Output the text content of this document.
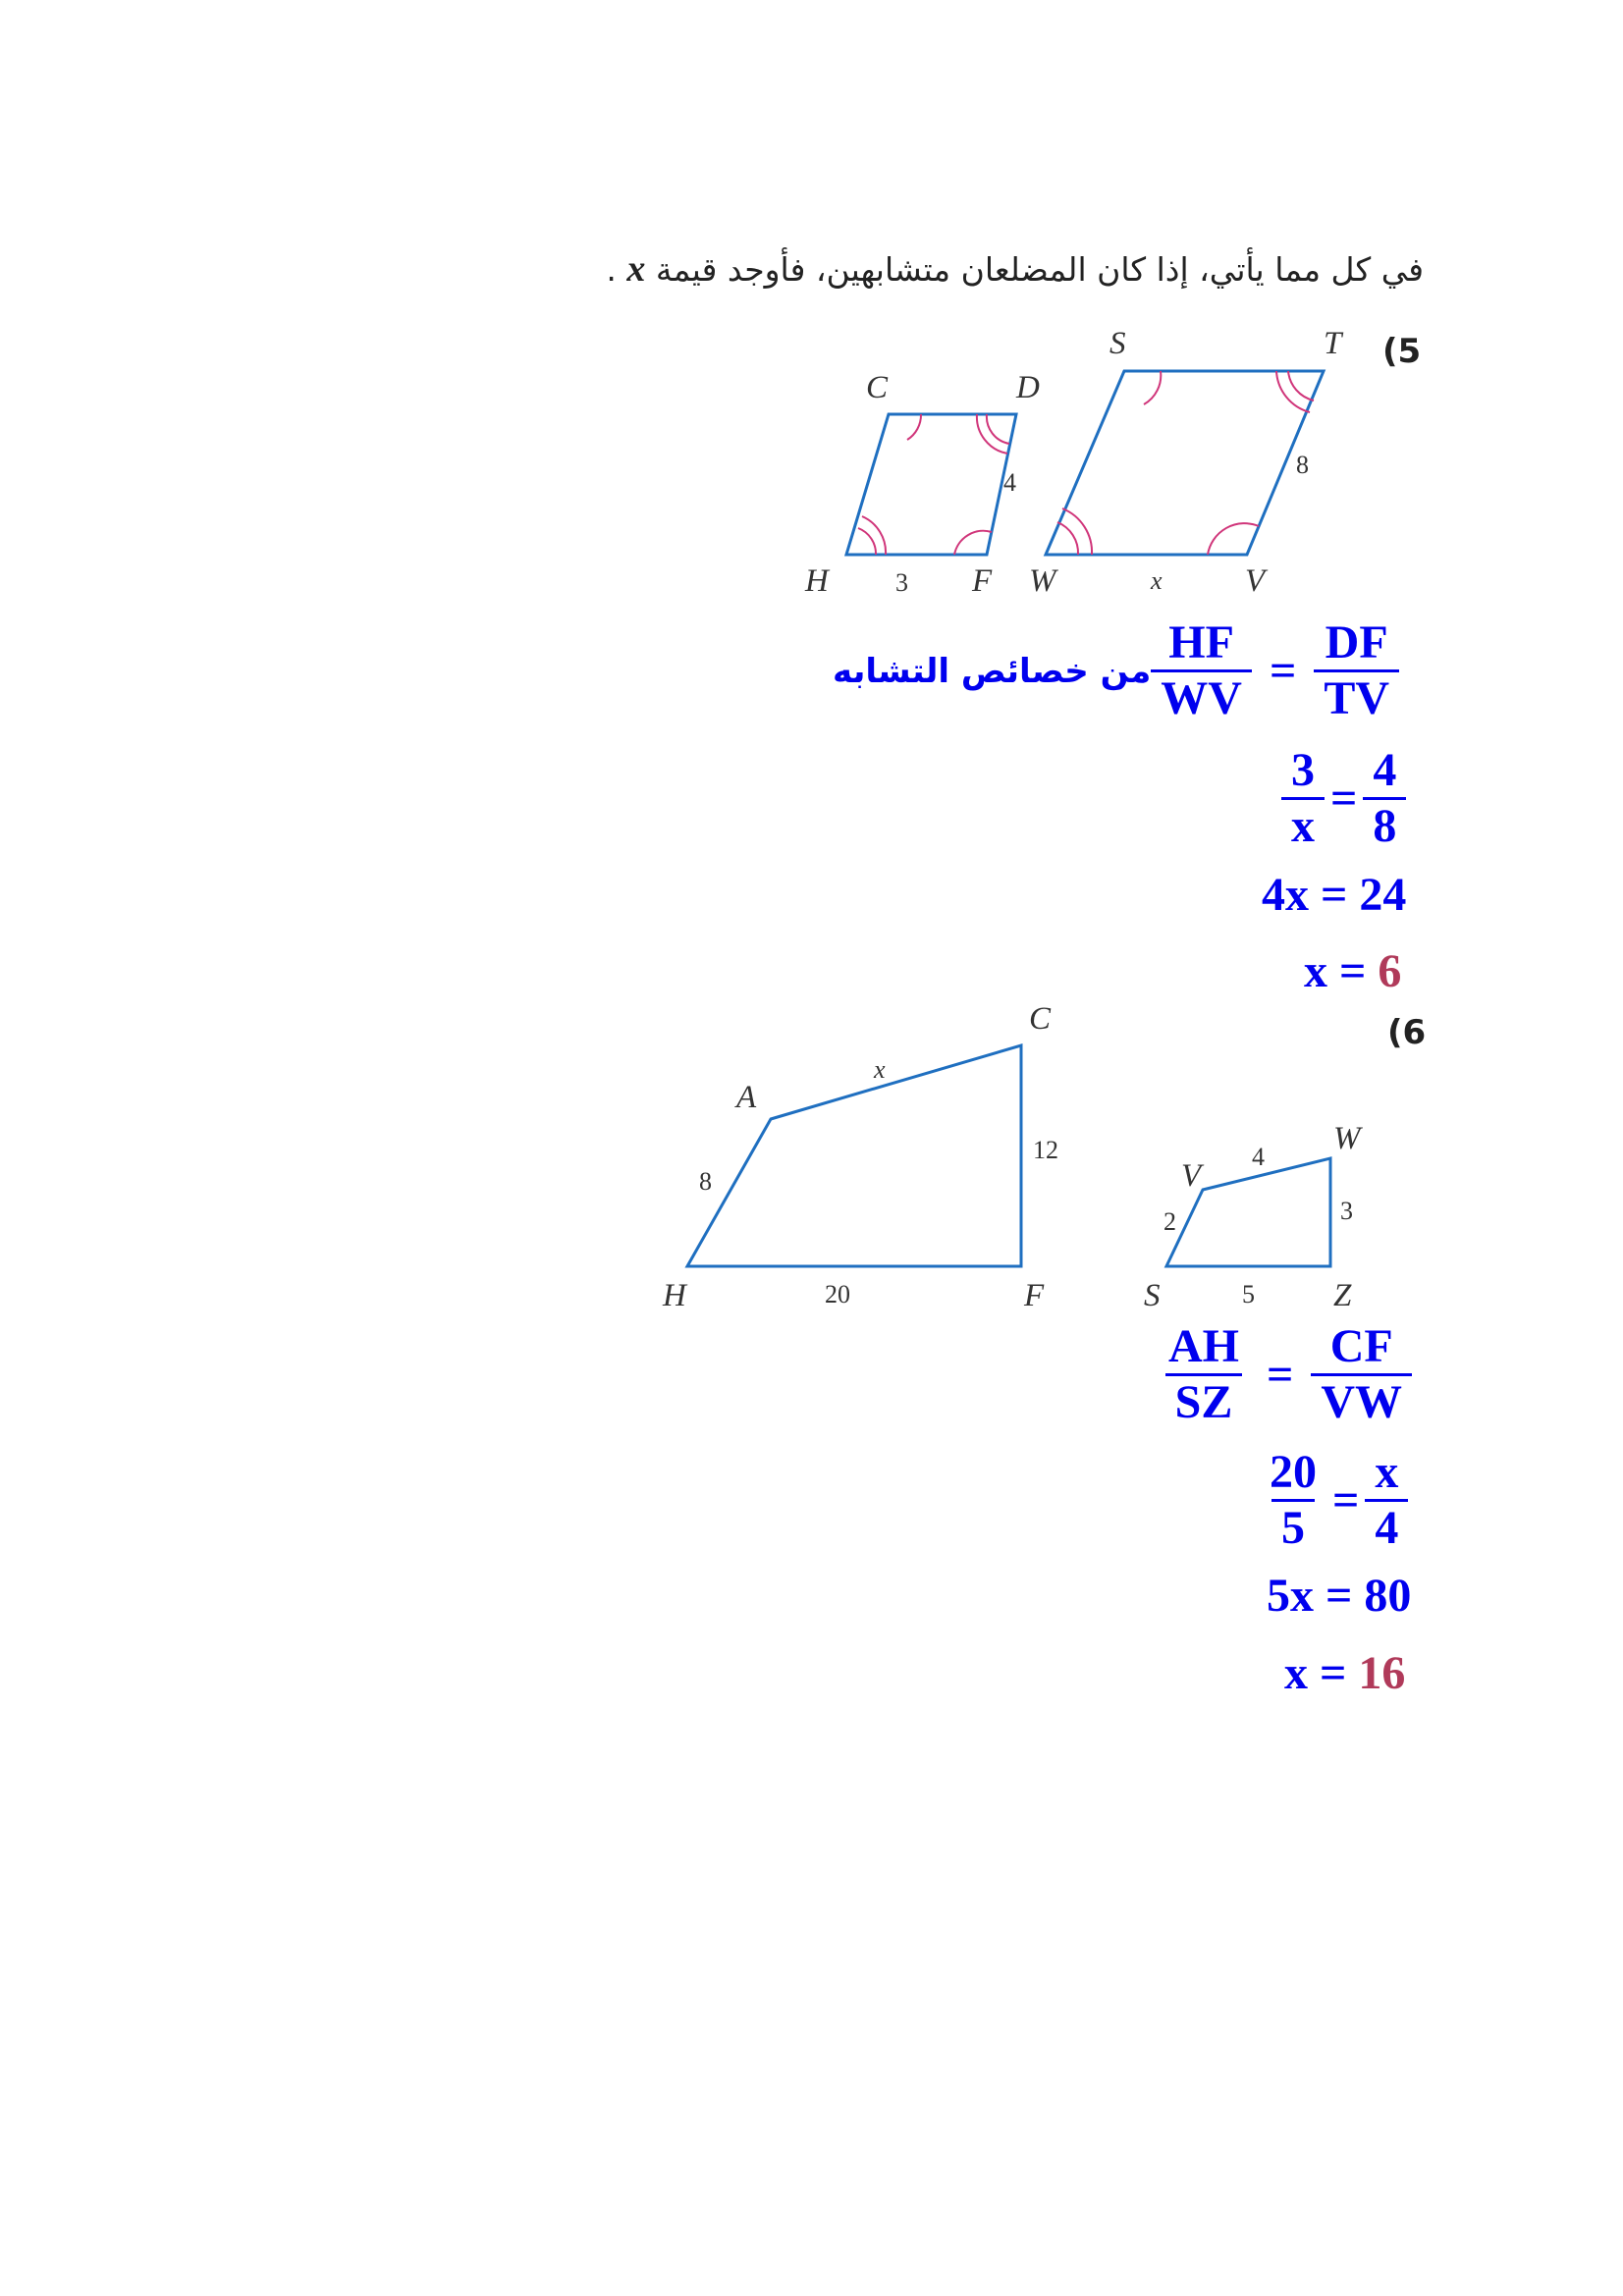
في كل مما يأتي، إذا كان المضلعان متشابهين، فأوجد قيمة x .
(5
C	D
H	F W	V
S	T
4
3
8
x
من خصائص التشابه $\frac{HF}{WV} = \frac{DF}{TV}$
$\frac{3}{x} = \frac{4}{8}$
4x = 24
x = 6
(6
A
C
H	F
V
W
S	Z
x
8
12
20
4
2	3
5
$\frac{AH}{SZ} = \frac{CF}{VW}$
$\frac{20}{5} = \frac{x}{4}$
5x = 80
x = 16
